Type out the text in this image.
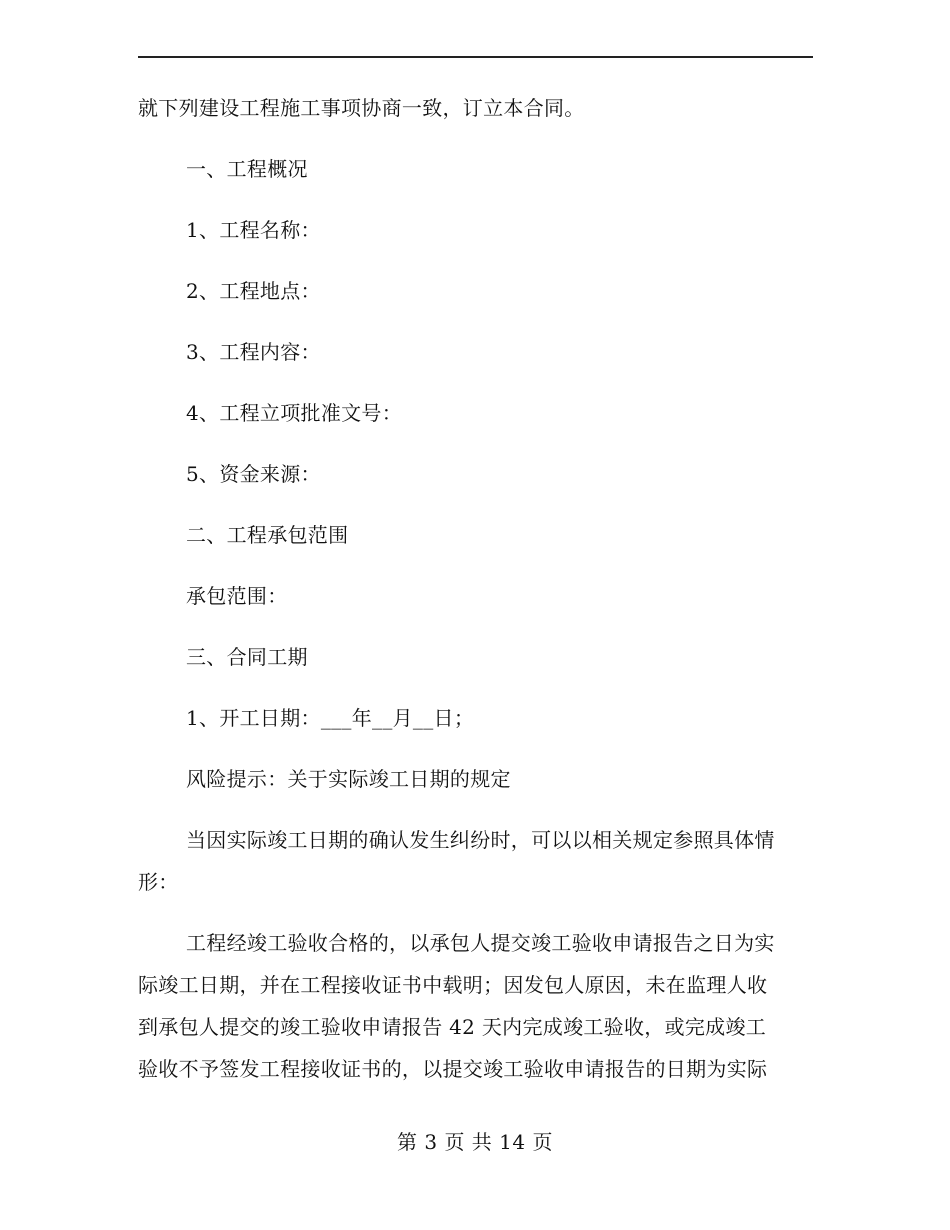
就下列建设工程施工事项协商一致，订立本合同。
一、工程概况
1、工程名称：
2、工程地点：
3、工程内容：
4、工程立项批准文号：
5、资金来源：
二、工程承包范围
承包范围：
三、合同工期
1、开工日期：___年__月__日；
风险提示：关于实际竣工日期的规定
当因实际竣工日期的确认发生纠纷时，可以以相关规定参照具体情
形：
工程经竣工验收合格的，以承包人提交竣工验收申请报告之日为实
际竣工日期，并在工程接收证书中载明；因发包人原因，未在监理人收
到承包人提交的竣工验收申请报告 42 天内完成竣工验收，或完成竣工
验收不予签发工程接收证书的，以提交竣工验收申请报告的日期为实际
第 3 页 共 14 页
